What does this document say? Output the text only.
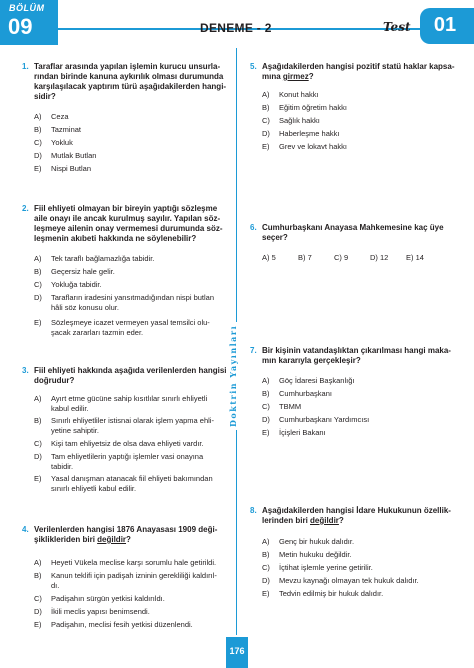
BÖLÜM
09	DENEME - 2	Test	01
Doktrin Yayınları
176
1. Taraflar arasında yapılan işlemin kurucu unsurla-
rından birinde kanuna aykırılık olması durumunda
karşılaşılacak yaptırım türü aşağıdakilerden hangi-
sidir?
A) Ceza
B) Tazminat
C) Yokluk
D) Mutlak Butlan
E) Nispi Butlan
2. Fiil ehliyeti olmayan bir bireyin yaptığı sözleşme
aile onayı ile ancak kurulmuş sayılır. Yapılan söz-
leşmeye ailenin onay vermemesi durumunda söz-
leşmenin akıbeti hakkında ne söylenebilir?
A) Tek taraflı bağlamazlığa tabidir.
B) Geçersiz hale gelir.
C) Yokluğa tabidir.
D) Tarafların iradesini yansıtmadığından nispi butlan
hâli söz konusu olur.
E) Sözleşmeye icazet vermeyen yasal temsilci olu-
şacak zararları tazmin eder.
3. Fiil ehliyeti hakkında aşağıda verilenlerden hangisi
doğrudur?
A) Ayırt etme gücüne sahip kısıtlılar sınırlı ehliyetli
kabul edilir.
B) Sınırlı ehliyetliler istisnai olarak işlem yapma ehli-
yetine sahiptir.
C) Kişi tam ehliyetsiz de olsa dava ehliyeti vardır.
D) Tam ehliyetlilerin yaptığı işlemler vasi onayına
tabidir.
E) Yasal danışman atanacak fiil ehliyeti bakımından
sınırlı ehliyetli kabul edilir.
4. Verilenlerden hangisi 1876 Anayasası 1909 deği-
şiklikleriden biri değildir?
A) Heyeti Vükela meclise karşı sorumlu hale getirildi.
B) Kanun teklifi için padişah izninin gerekliliği kaldırıl-
dı.
C) Padişahın sürgün yetkisi kaldırıldı.
D) İkili meclis yapısı benimsendi.
E) Padişahın, meclisi fesih yetkisi düzenlendi.
5. Aşağıdakilerden hangisi pozitif statü haklar kapsa-
mına girmez?
A) Konut hakkı
B) Eğitim öğretim hakkı
C) Sağlık hakkı
D) Haberleşme hakkı
E) Grev ve lokavt hakkı
6. Cumhurbaşkanı Anayasa Mahkemesine kaç üye
seçer?
A) 5	B) 7	C) 9	D) 12 E) 14
7. Bir kişinin vatandaşlıktan çıkarılması hangi maka-
mın kararıyla gerçekleşir?
A) Göç İdaresi Başkanlığı
B) Cumhurbaşkanı
C) TBMM
D) Cumhurbaşkanı Yardımcısı
E) İçişleri Bakanı
8. Aşağıdakilerden hangisi İdare Hukukunun özellik-
lerinden biri değildir?
A) Genç bir hukuk dalıdır.
B) Metin hukuku değildir.
C) İçtihat işlemle yerine getirilir.
D) Mevzu kaynağı olmayan tek hukuk dalıdır.
E) Tedvin edilmiş bir hukuk dalıdır.
